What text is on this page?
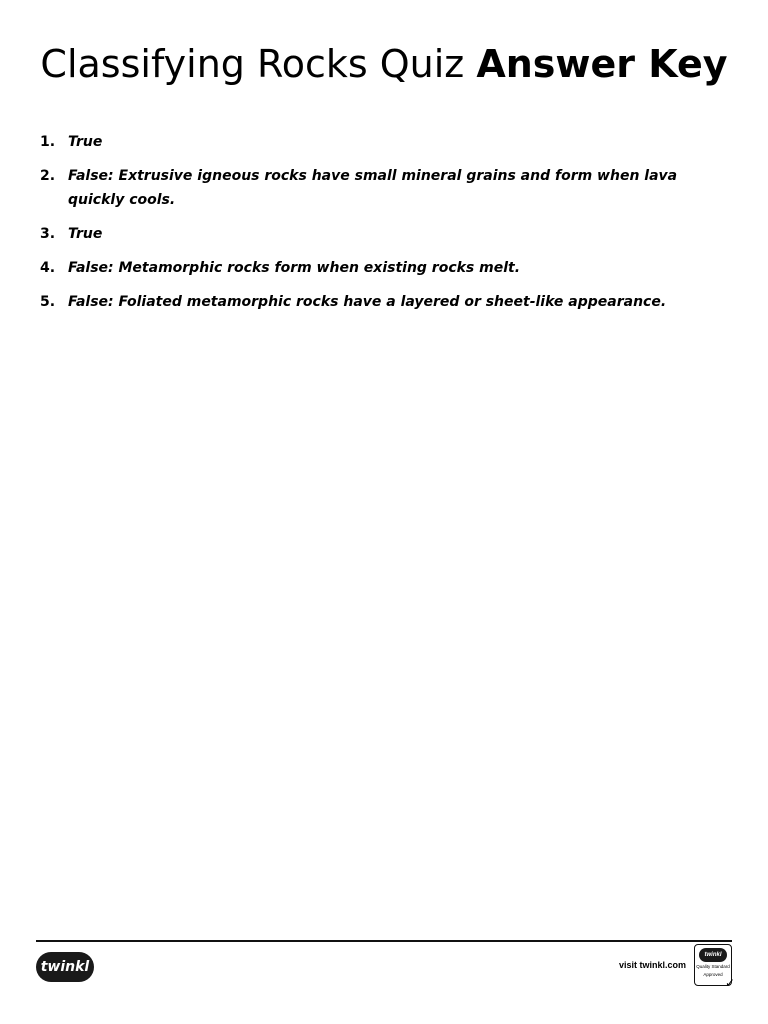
Classifying Rocks Quiz Answer Key
1. True
2. False: Extrusive igneous rocks have small mineral grains and form when lava quickly cools.
3. True
4. False: Metamorphic rocks form when existing rocks melt.
5. False: Foliated metamorphic rocks have a layered or sheet-like appearance.
twinkl	visit twinkl.com
twinkl
Quality Standard
Approved
✓
